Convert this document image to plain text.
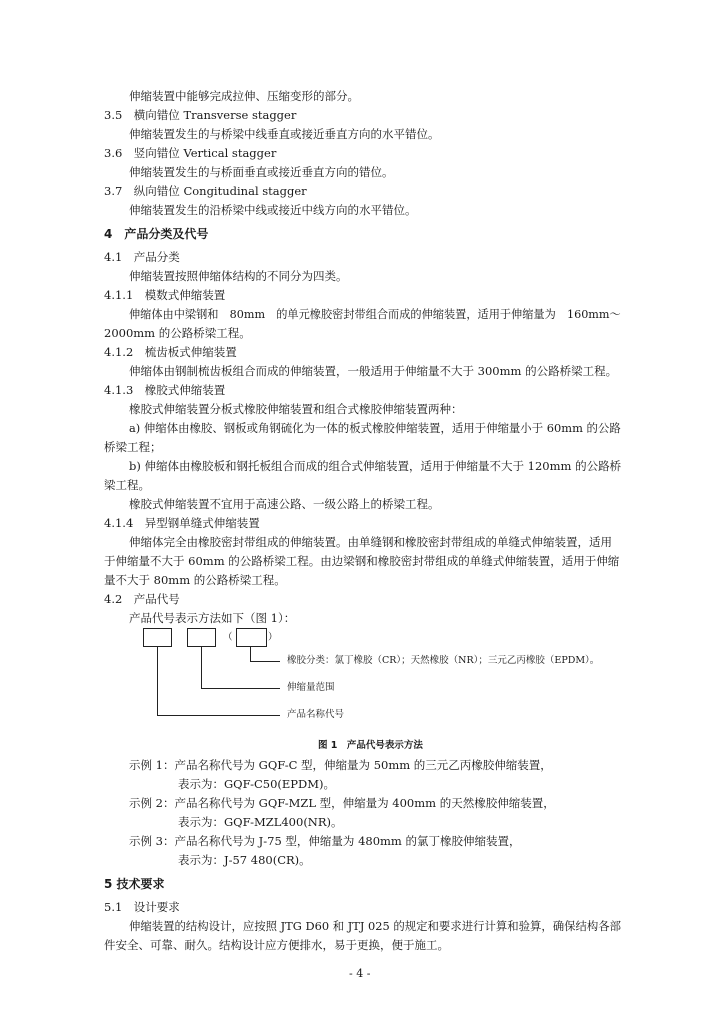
伸缩装置中能够完成拉伸、压缩变形的部分。
3.5　横向错位 Transverse stagger
伸缩装置发生的与桥梁中线垂直或接近垂直方向的水平错位。
3.6　竖向错位 Vertical stagger
伸缩装置发生的与桥面垂直或接近垂直方向的错位。
3.7　纵向错位 Congitudinal stagger
伸缩装置发生的沿桥梁中线或接近中线方向的水平错位。
4　产品分类及代号
4.1　产品分类
伸缩装置按照伸缩体结构的不同分为四类。
4.1.1　模数式伸缩装置
伸缩体由中梁钢和　80mm　的单元橡胶密封带组合而成的伸缩装置，适用于伸缩量为　160mm～
2000mm 的公路桥梁工程。
4.1.2　梳齿板式伸缩装置
伸缩体由钢制梳齿板组合而成的伸缩装置，一般适用于伸缩量不大于 300mm 的公路桥梁工程。
4.1.3　橡胶式伸缩装置
橡胶式伸缩装置分板式橡胶伸缩装置和组合式橡胶伸缩装置两种：
a) 伸缩体由橡胶、钢板或角钢硫化为一体的板式橡胶伸缩装置，适用于伸缩量小于 60mm 的公路
桥梁工程；
b) 伸缩体由橡胶板和钢托板组合而成的组合式伸缩装置，适用于伸缩量不大于 120mm 的公路桥
梁工程。
橡胶式伸缩装置不宜用于高速公路、一级公路上的桥梁工程。
4.1.4　异型钢单缝式伸缩装置
伸缩体完全由橡胶密封带组成的伸缩装置。由单缝钢和橡胶密封带组成的单缝式伸缩装置，适用
于伸缩量不大于 60mm 的公路桥梁工程。由边梁钢和橡胶密封带组成的单缝式伸缩装置，适用于伸缩
量不大于 80mm 的公路桥梁工程。
4.2　产品代号
产品代号表示方法如下（图 1）：
（	）
橡胶分类：氯丁橡胶（CR）；天然橡胶（NR）；三元乙丙橡胶（EPDM）。
伸缩量范围
产品名称代号
图 1　产品代号表示方法
示例 1：产品名称代号为 GQF-C 型，伸缩量为 50mm 的三元乙丙橡胶伸缩装置，
表示为：GQF-C50(EPDM)。
示例 2：产品名称代号为 GQF-MZL 型，伸缩量为 400mm 的天然橡胶伸缩装置，
表示为：GQF-MZL400(NR)。
示例 3：产品名称代号为 J-75 型，伸缩量为 480mm 的氯丁橡胶伸缩装置，
表示为：J-57 480(CR)。
5 技术要求
5.1　设计要求
伸缩装置的结构设计，应按照 JTG D60 和 JTJ 025 的规定和要求进行计算和验算，确保结构各部
件安全、可靠、耐久。结构设计应方便排水，易于更换，便于施工。
- 4 -
